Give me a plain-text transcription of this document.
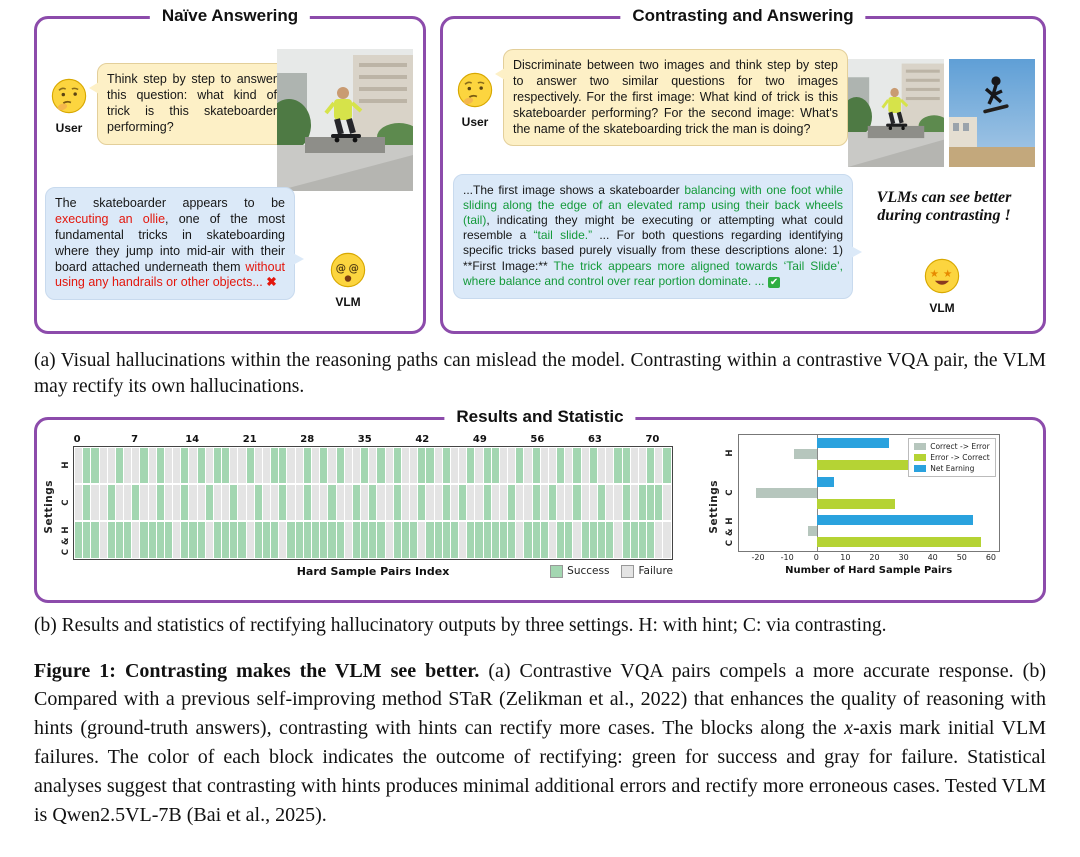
Naïve Answering
User
Think step by step to answer this question: what kind of trick is this skateboarder performing?
The skateboarder appears to be executing an ollie, one of the most fundamental tricks in skateboarding where they jump into mid-air with their board attached underneath them without using any handrails or other objects... ✖
@ @
VLM
Contrasting and Answering
User
Discriminate between two images and think step by step to answer two similar questions for two images respectively. For the first image: What kind of trick is this skateboarder performing? For the second image: What's the name of the skateboarding trick the man is doing?
VLMs can see better during contrasting !
...The first image shows a skateboarder balancing with one foot while sliding along the edge of an elevated ramp using their back wheels (tail), indicating they might be executing or attempting what could resemble a “tail slide.” ... For both questions regarding identifying specific tricks based purely visually from these descriptions alone: 1) **First Image:** The trick appears more aligned towards ‘Tail Slide’, where balance and control over rear portion dominate. ... ✔
★ ★
VLM

(a) Visual hallucinations within the reasoning paths can mislead the model. Contrasting within a contrastive VQA pair, the VLM may rectify its own hallucinations.

Results and Statistic
Settings
H
C
C & H
0	7	14	21	28	35	42	49	56	63	70
Hard Sample Pairs Index	Success	Failure
Settings
H
C
C & H
Correct -> Error
Error -> Correct
Net Earning
-20 -10	0	10 20 30 40 50 60
Number of Hard Sample Pairs

(b) Results and statistics of rectifying hallucinatory outputs by three settings. H: with hint; C: via contrasting.

Figure 1: Contrasting makes the VLM see better. (a) Contrastive VQA pairs compels a more accurate response. (b) Compared with a previous self-improving method STaR (Zelikman et al., 2022) that enhances the quality of reasoning with hints (ground-truth answers), contrasting with hints can rectify more cases. The blocks along the x-axis mark initial VLM failures. The color of each block indicates the outcome of rectifying: green for success and gray for failure. Statistical analyses suggest that contrasting with hints produces minimal additional errors and rectify more erroneous cases. Tested VLM is Qwen2.5VL-7B (Bai et al., 2025).
